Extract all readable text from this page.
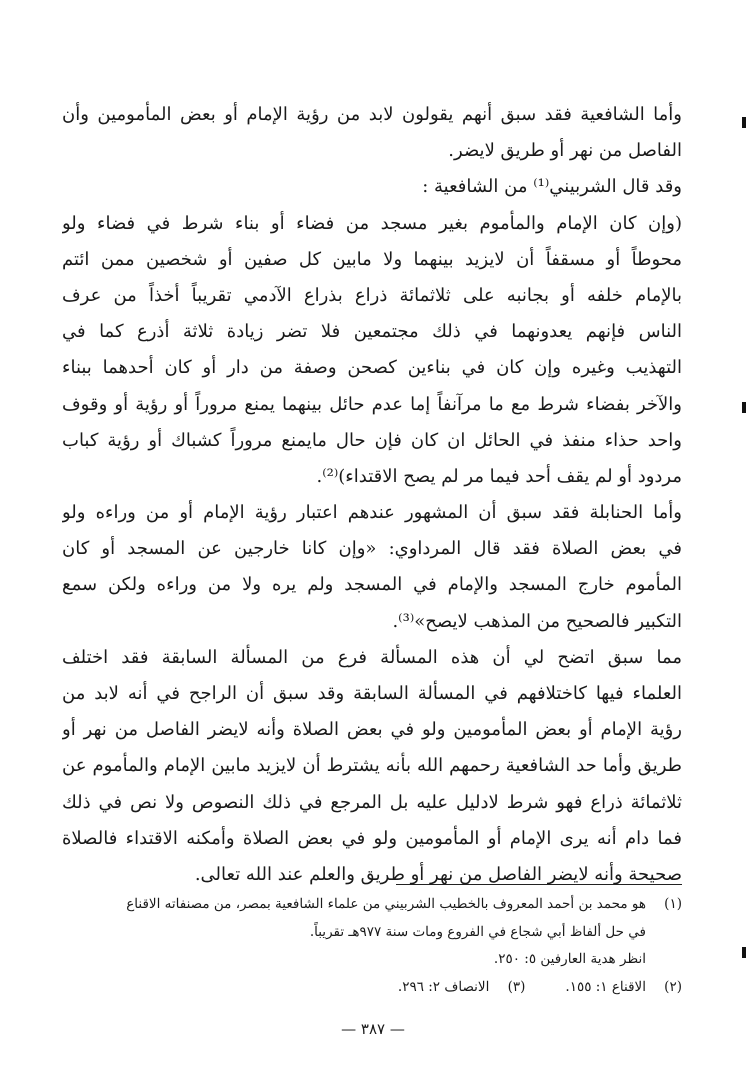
وأما الشافعية فقد سبق أنهم يقولون لابد من رؤية الإمام أو بعض المأمومين وأن
الفاصل من نهر أو طريق لايضر.
وقد قال الشربيني⁽¹⁾ من الشافعية :
(وإن كان الإمام والمأموم بغير مسجد من فضاء أو بناء شرط في فضاء ولو
محوطاً أو مسقفاً أن لايزيد بينهما ولا مابين كل صفين أو شخصين ممن ائتم
بالإمام خلفه أو بجانبه على ثلاثمائة ذراع بذراع الآدمي تقريباً أخذاً من عرف
الناس فإنهم يعدونهما في ذلك مجتمعين فلا تضر زيادة ثلاثة أذرع كما في
التهذيب وغيره وإن كان في بناءين كصحن وصفة من دار أو كان أحدهما ببناء
والآخر بفضاء شرط مع ما مرآنفاً إما عدم حائل بينهما يمنع مروراً أو رؤية أو وقوف
واحد حذاء منفذ في الحائل ان كان فإن حال مايمنع مروراً كشباك أو رؤية كباب
مردود أو لم يقف أحد فيما مر لم يصح الاقتداء)⁽²⁾.
وأما الحنابلة فقد سبق أن المشهور عندهم اعتبار رؤية الإمام أو من وراءه ولو
في بعض الصلاة فقد قال المرداوي: «وإن كانا خارجين عن المسجد أو كان
المأموم خارج المسجد والإمام في المسجد ولم يره ولا من وراءه ولكن سمع
التكبير فالصحيح من المذهب لايصح»⁽³⁾.
مما سبق اتضح لي أن هذه المسألة فرع من المسألة السابقة فقد اختلف
العلماء فيها كاختلافهم في المسألة السابقة وقد سبق أن الراجح في أنه لابد من
رؤية الإمام أو بعض المأمومين ولو في بعض الصلاة وأنه لايضر الفاصل من نهر أو
طريق وأما حد الشافعية رحمهم الله بأنه يشترط أن لايزيد مابين الإمام والمأموم عن
ثلاثمائة ذراع فهو شرط لادليل عليه بل المرجع في ذلك النصوص ولا نص في ذلك
فما دام أنه يرى الإمام أو المأمومين ولو في بعض الصلاة وأمكنه الاقتداء فالصلاة
صحيحة وأنه لايضر الفاصل من نهر أو طريق والعلم عند الله تعالى.
(١)هو محمد بن أحمد المعروف بالخطيب الشربيني من علماء الشافعية بمصر، من مصنفاته الاقناع
في حل ألفاظ أبي شجاع في الفروع ومات سنة ٩٧٧هـ تقريباً.
انظر هدية العارفين ٥: ٢٥٠.
(٢)الاقناع ١: ١٥٥.(٣)الانصاف ٢: ٢٩٦.
— ٣٨٧ —
